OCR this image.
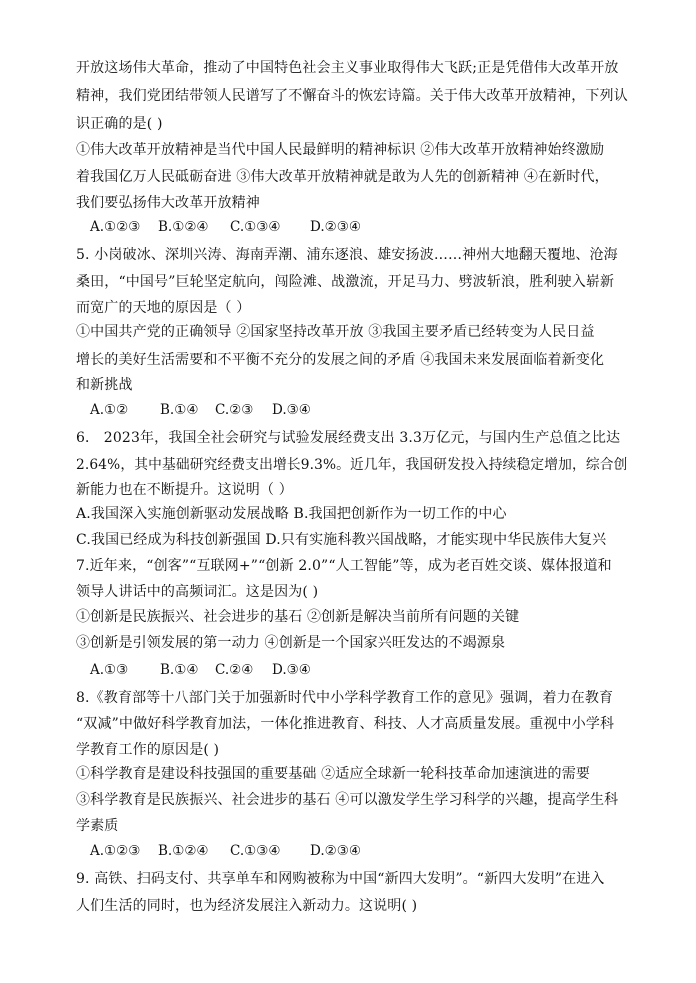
开放这场伟大革命，推动了中国特色社会主义事业取得伟大飞跃;正是凭借伟大改革开放
精神，我们党团结带领人民谱写了不懈奋斗的恢宏诗篇。关于伟大改革开放精神，下列认
识正确的是( )
①伟大改革开放精神是当代中国人民最鲜明的精神标识 ②伟大改革开放精神始终激励
着我国亿万人民砥砺奋进 ③伟大改革开放精神就是敢为人先的创新精神 ④在新时代，
我们要弘扬伟大改革开放精神
A.①②③ B.①②④ C.①③④ D.②③④
5. 小岗破冰、深圳兴涛、海南弄潮、浦东逐浪、雄安扬波……神州大地翻天覆地、沧海
桑田，“中国号”巨轮坚定航向，闯险滩、战激流，开足马力、劈波斩浪，胜利驶入崭新
而宽广的天地的原因是（ ）
①中国共产党的正确领导 ②国家坚持改革开放 ③我国主要矛盾已经转变为人民日益
增长的美好生活需要和不平衡不充分的发展之间的矛盾 ④我国未来发展面临着新变化
和新挑战
A.①② B.①④ C.②③ D.③④
6． 2023年，我国全社会研究与试验发展经费支出 3.3万亿元，与国内生产总值之比达
2.64%，其中基础研究经费支出增长9.3%。近几年，我国研发投入持续稳定增加，综合创
新能力也在不断提升。这说明（ ）
A.我国深入实施创新驱动发展战略 B.我国把创新作为一切工作的中心
C.我国已经成为科技创新强国 D.只有实施科教兴国战略，才能实现中华民族伟大复兴
7.近年来，“创客”“互联网+”“创新 2.0”“人工智能”等，成为老百姓交谈、媒体报道和
领导人讲话中的高频词汇。这是因为( )
①创新是民族振兴、社会进步的基石 ②创新是解决当前所有问题的关键
③创新是引领发展的第一动力 ④创新是一个国家兴旺发达的不竭源泉
A.①③ B.①④ C.②④ D.③④
8.《教育部等十八部门关于加强新时代中小学科学教育工作的意见》强调，着力在教育
“双减”中做好科学教育加法，一体化推进教育、科技、人才高质量发展。重视中小学科
学教育工作的原因是( )
①科学教育是建设科技强国的重要基础 ②适应全球新一轮科技革命加速演进的需要
③科学教育是民族振兴、社会进步的基石 ④可以激发学生学习科学的兴趣，提高学生科
学素质
A.①②③ B.①②④ C.①③④ D.②③④
9. 高铁、扫码支付、共享单车和网购被称为中国“新四大发明”。“新四大发明”在进入
人们生活的同时，也为经济发展注入新动力。这说明( )
